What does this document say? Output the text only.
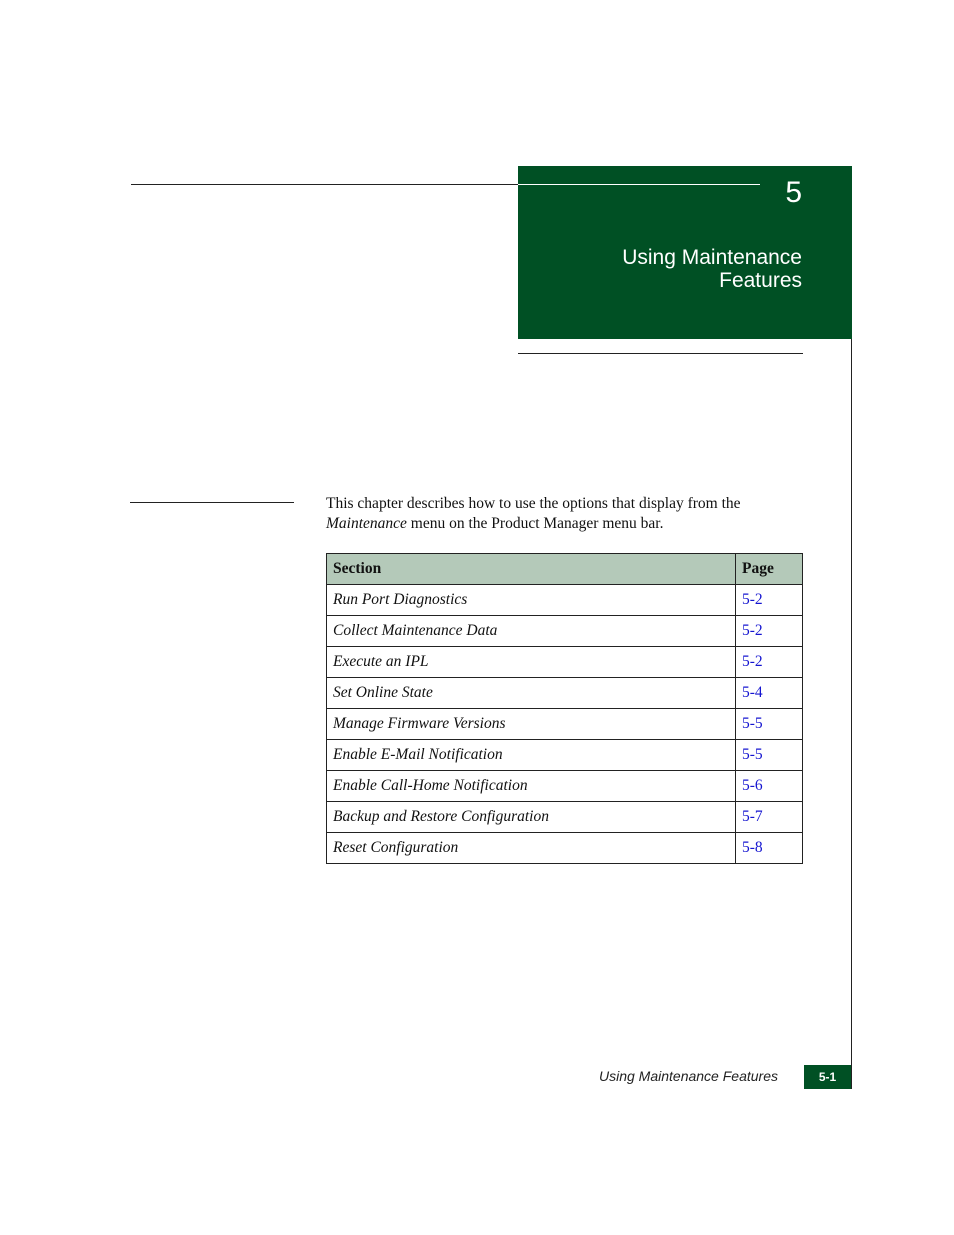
5
Using Maintenance
Features

This chapter describes how to use the options that display from the Maintenance menu on the Product Manager menu bar.

Section	Page
Run Port Diagnostics	5-2
Collect Maintenance Data	5-2
Execute an IPL	5-2
Set Online State	5-4
Manage Firmware Versions	5-5
Enable E-Mail Notification	5-5
Enable Call-Home Notification	5-6
Backup and Restore Configuration	5-7
Reset Configuration	5-8
Using Maintenance Features	5-1
